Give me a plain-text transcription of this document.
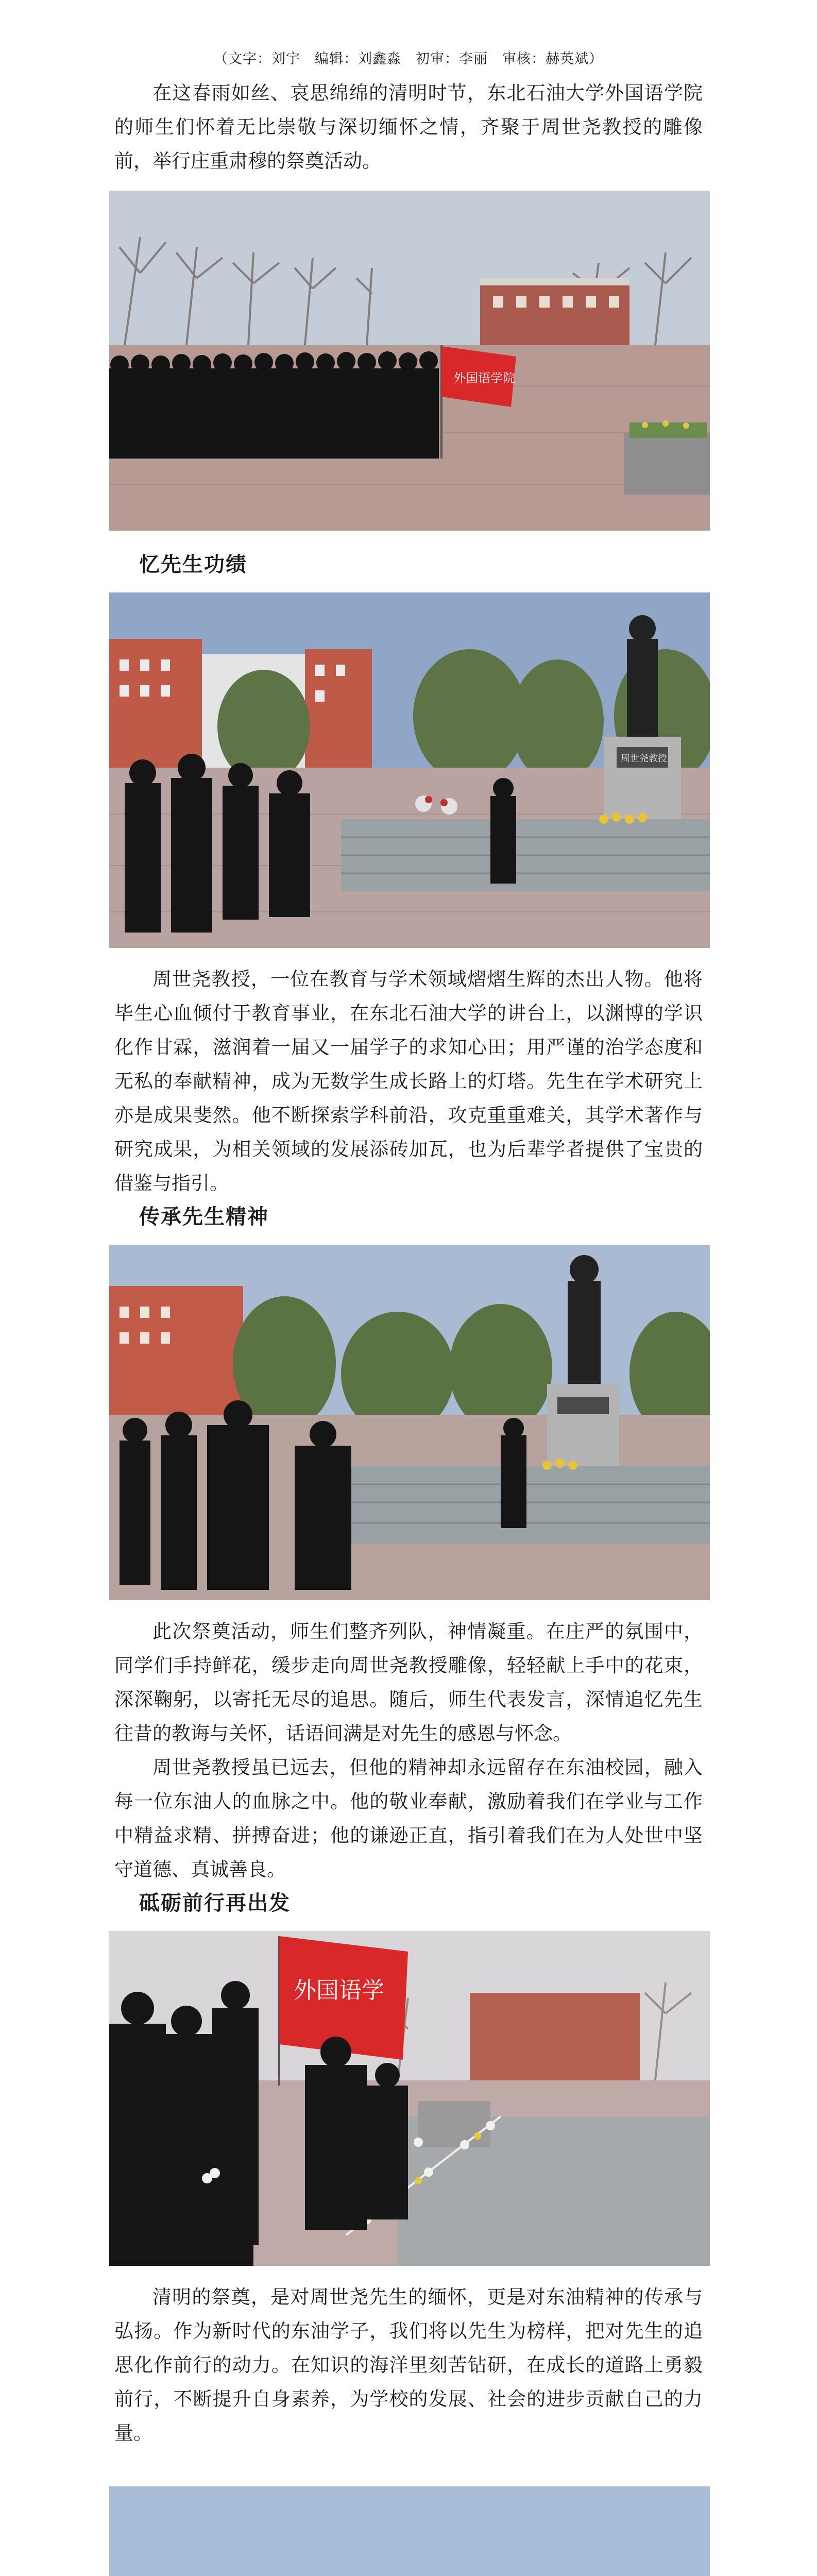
（文字：刘宇　编辑：刘鑫淼　初审：李丽　审核：赫英斌）

在这春雨如丝、哀思绵绵的清明时节，东北石油大学外国语学院的师生们怀着无比崇敬与深切缅怀之情，齐聚于周世尧教授的雕像前，举行庄重肃穆的祭奠活动。

外国语学院
忆先生功绩
周世尧教授

周世尧教授，一位在教育与学术领域熠熠生辉的杰出人物。他将毕生心血倾付于教育事业，在东北石油大学的讲台上，以渊博的学识化作甘霖，滋润着一届又一届学子的求知心田；用严谨的治学态度和无私的奉献精神，成为无数学生成长路上的灯塔。先生在学术研究上亦是成果斐然。他不断探索学科前沿，攻克重重难关，其学术著作与研究成果，为相关领域的发展添砖加瓦，也为后辈学者提供了宝贵的借鉴与指引。

传承先生精神

此次祭奠活动，师生们整齐列队，神情凝重。在庄严的氛围中，同学们手持鲜花，缓步走向周世尧教授雕像，轻轻献上手中的花束，深深鞠躬，以寄托无尽的追思。随后，师生代表发言，深情追忆先生往昔的教诲与关怀，话语间满是对先生的感恩与怀念。

周世尧教授虽已远去，但他的精神却永远留存在东油校园，融入每一位东油人的血脉之中。他的敬业奉献，激励着我们在学业与工作中精益求精、拼搏奋进；他的谦逊正直，指引着我们在为人处世中坚守道德、真诚善良。

砥砺前行再出发
外国语学

清明的祭奠，是对周世尧先生的缅怀，更是对东油精神的传承与弘扬。作为新时代的东油学子，我们将以先生为榜样，把对先生的追思化作前行的动力。在知识的海洋里刻苦钻研，在成长的道路上勇毅前行，不断提升自身素养，为学校的发展、社会的进步贡献自己的力量。
